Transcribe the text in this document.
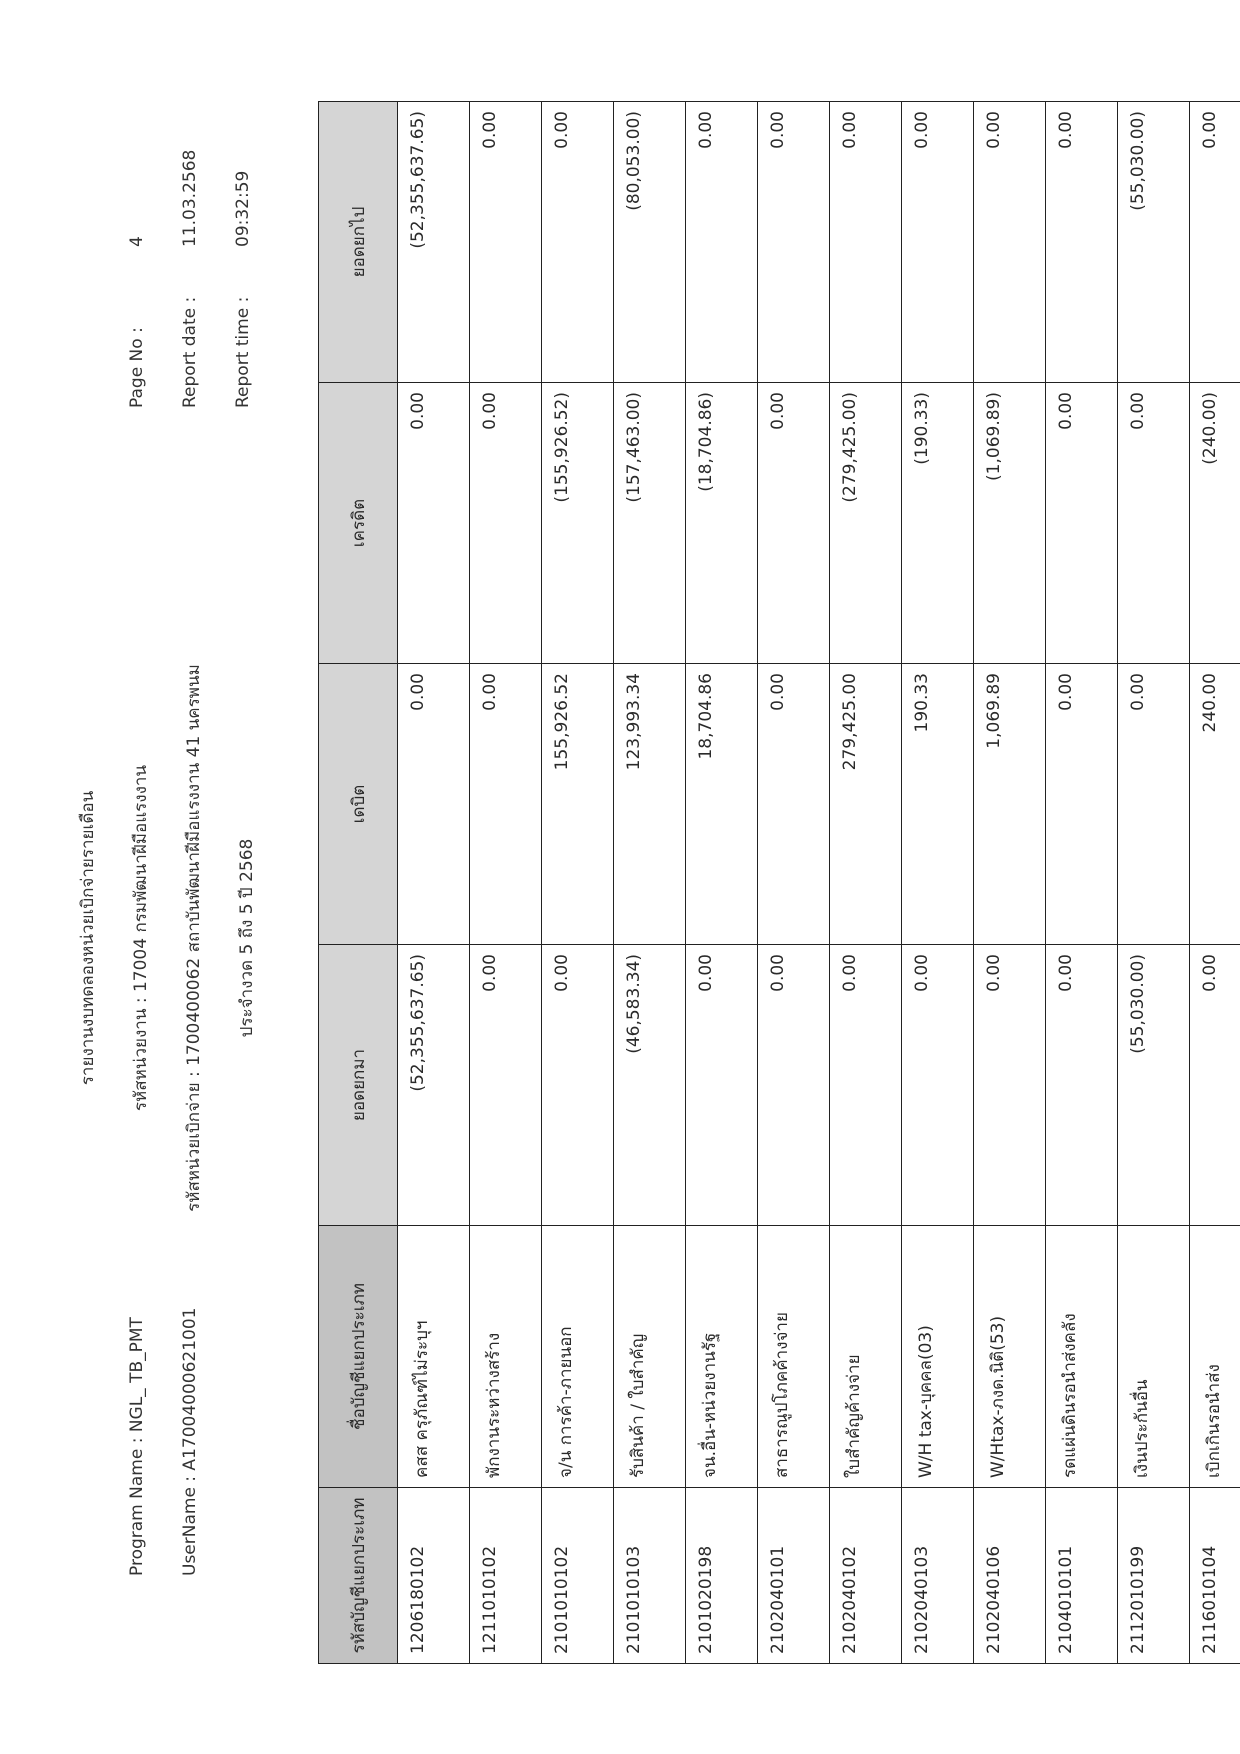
รายงานงบทดลองหน่วยเบิกจ่ายรายเดือน รหัสหน่วยงาน : 17004 กรมพัฒนาฝีมือแรงงาน รหัสหน่วยเบิกจ่าย : 1700400062 สถาบันพัฒนาฝีมือแรงงาน 41 นครพนม ประจำงวด 5 ถึง 5 ปี 2568
Program Name : NGL_ TB_PMT UserName : A17004000621001
Page No :
4
Report date :
11.03.2568
Report time :
09:32:59
รหัสบัญชีแยกประเภท	ชื่อบัญชีแยกประเภท	ยอดยกมา	เดบิต	เครดิต	ยอดยกไป
1206180102	คสส ครุภัณฑ์ไม่ระบุฯ	(52,355,637.65)	0.00	0.00	(52,355,637.65)
1211010102	พักงานระหว่างสร้าง	0.00	0.00	0.00	0.00
2101010102	จ/น การค้า-ภายนอก	0.00	155,926.52	(155,926.52)	0.00
2101010103	รับสินค้า / ใบสำคัญ	(46,583.34)	123,993.34	(157,463.00)	(80,053.00)
2101020198	จน.อื่น-หน่วยงานรัฐ	0.00	18,704.86	(18,704.86)	0.00
2102040101	สาธารณูปโภคค้างจ่าย	0.00	0.00	0.00	0.00
2102040102	ใบสำคัญค้างจ่าย	0.00	279,425.00	(279,425.00)	0.00
2102040103	W/H tax-บุคคล(03)	0.00	190.33	(190.33)	0.00
2102040106	W/Htax-ภงด.นิติ(53)	0.00	1,069.89	(1,069.89)	0.00
2104010101	รดแผ่นดินรอนำส่งคลัง	0.00	0.00	0.00	0.00
2112010199	เงินประกันอื่น	(55,030.00)	0.00	0.00	(55,030.00)
2116010104	เบิกเกินรอนำส่ง	0.00	240.00	(240.00)	0.00
